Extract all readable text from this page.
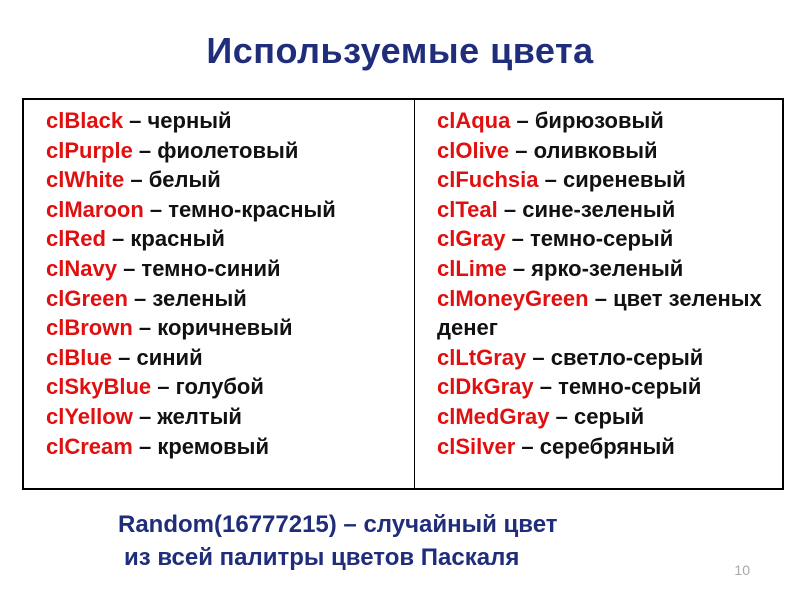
Используемые цвета
clBlack – черный
clPurple – фиолетовый
clWhite – белый
clMaroon – темно-красный
clRed – красный
clNavy – темно-синий
clGreen – зеленый
clBrown – коричневый
clBlue – синий
clSkyBlue – голубой
clYellow – желтый
clCream – кремовый
clAqua – бирюзовый
clOlive – оливковый
clFuchsia – сиреневый
clTeal – сине-зеленый
clGray – темно-серый
clLime – ярко-зеленый
clMoneyGreen – цвет зеленых денег
clLtGray – светло-серый
clDkGray – темно-серый
clMedGray – серый
clSilver – серебряный
Random(16777215) – случайный цвет
из всей палитры цветов Паскаля	10
